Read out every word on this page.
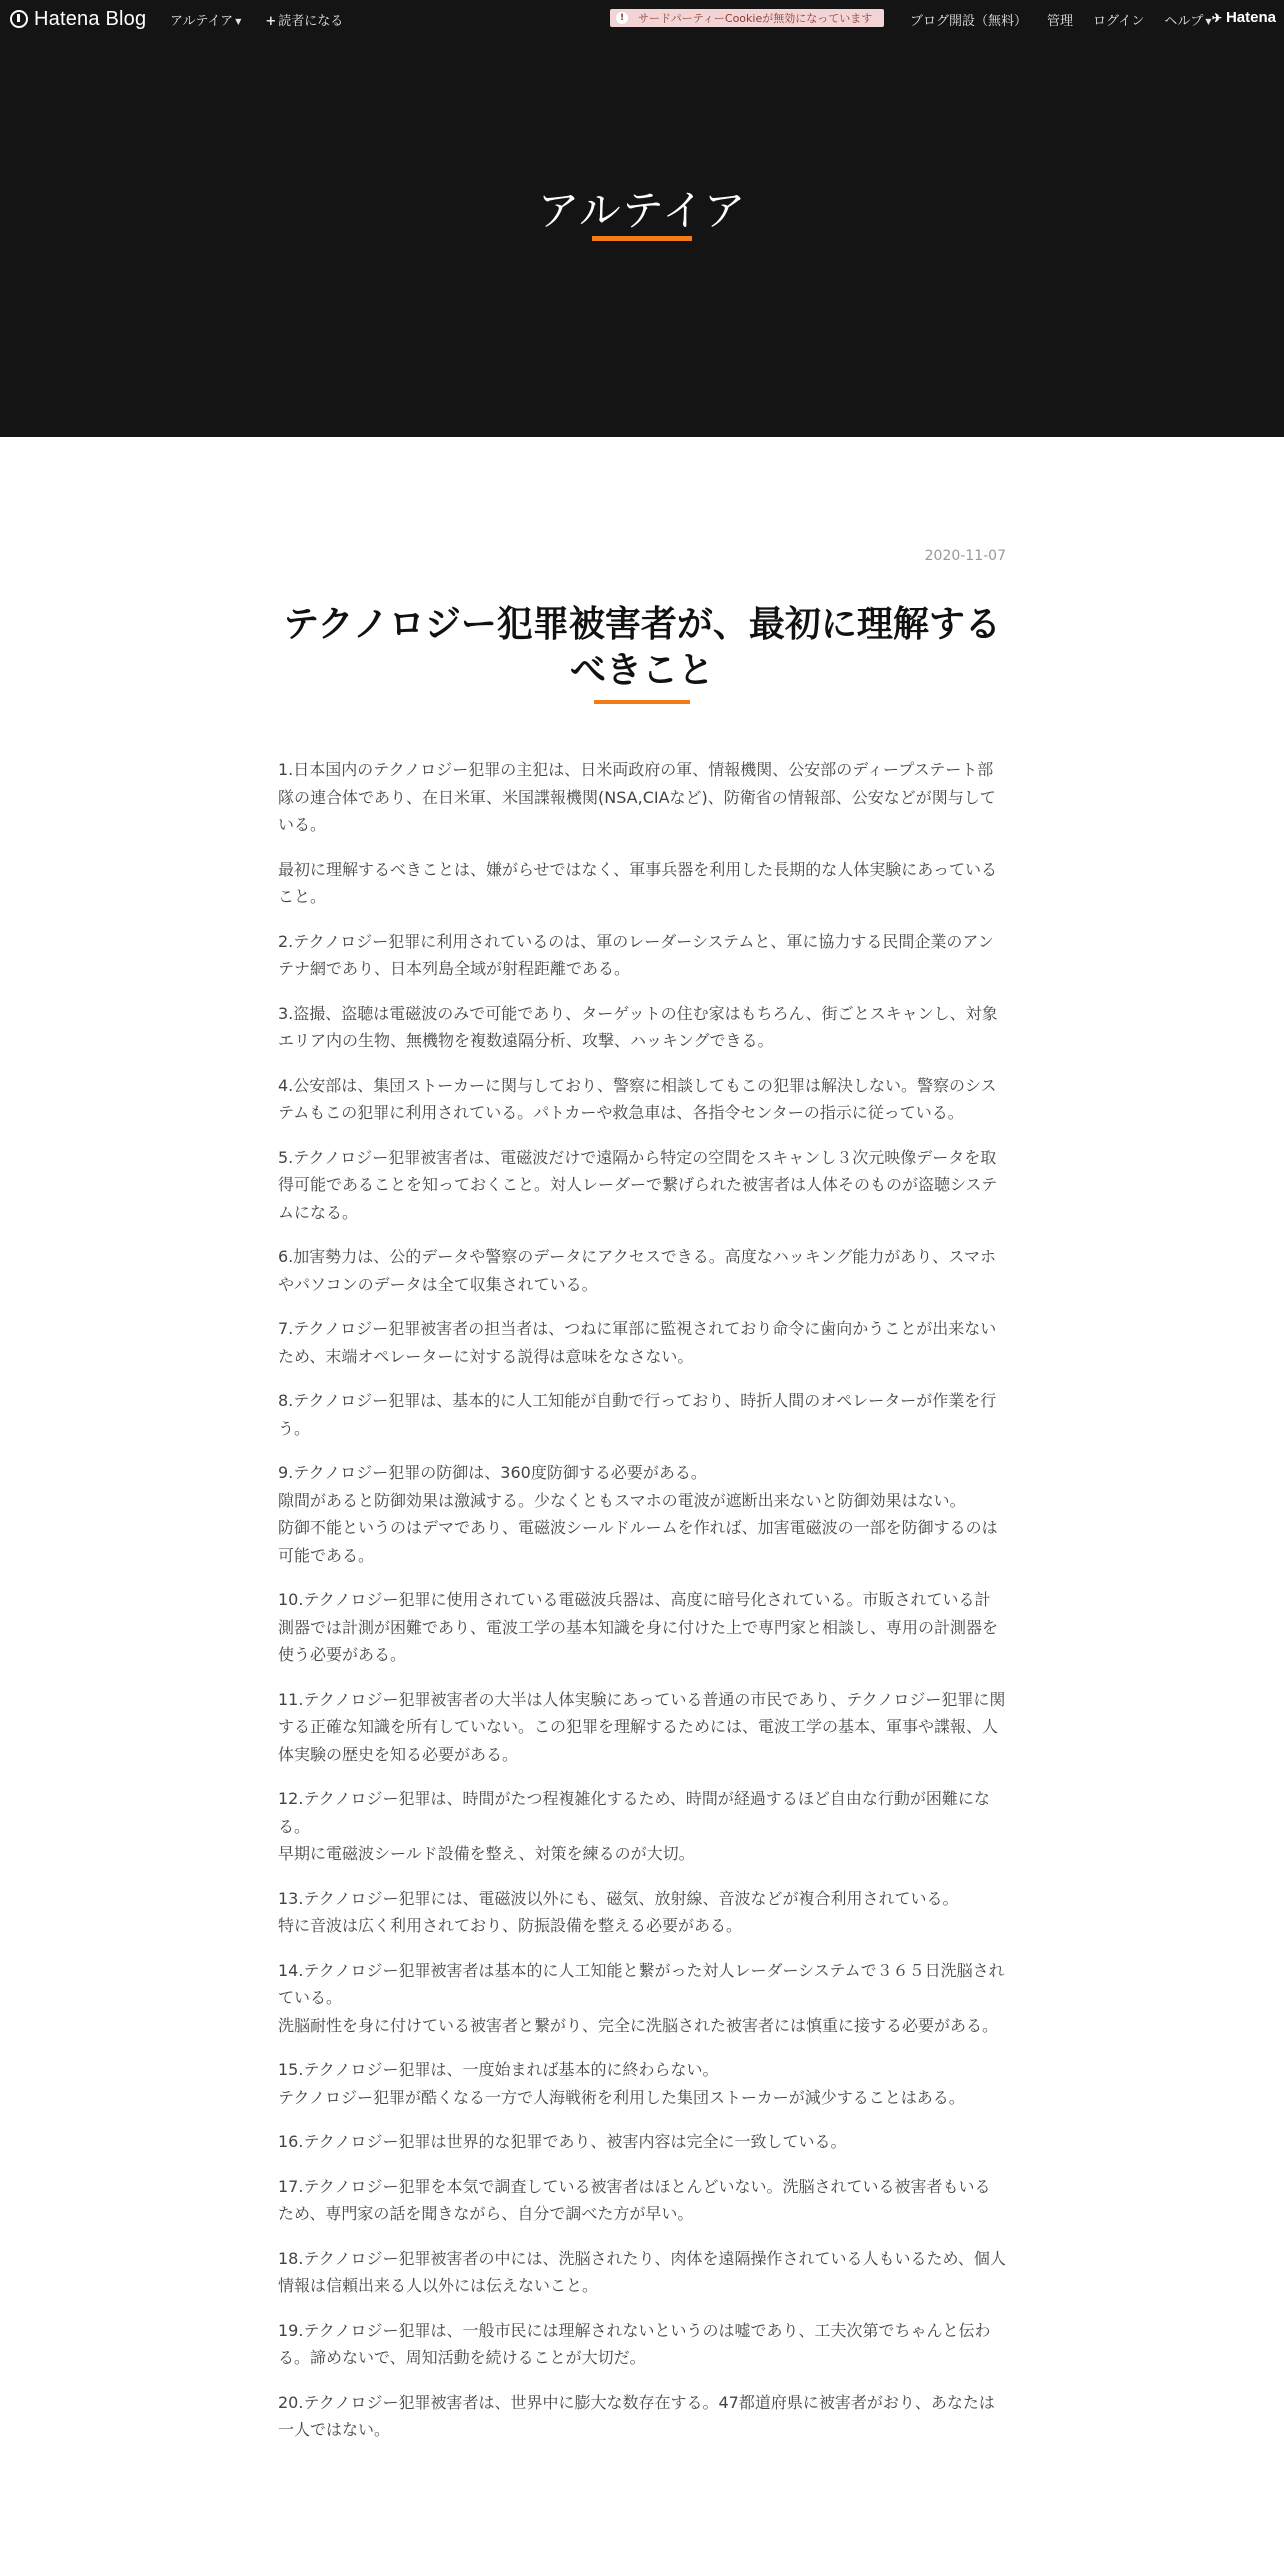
Hatena Blog アルテイア ▼ + 読者になる	!	サードパーティーCookieが無効になっています	ブログ開設（無料） 管理 ログイン ヘルプ ▼ ✈ Hatena
アルテイア
2020-11-07
テクノロジー犯罪被害者が、最初に理解するべきこと

1.日本国内のテクノロジー犯罪の主犯は、日米両政府の軍、情報機関、公安部のディープステート部隊の連合体であり、在日米軍、米国諜報機関(NSA,CIAなど)、防衛省の情報部、公安などが関与している。

最初に理解するべきことは、嫌がらせではなく、軍事兵器を利用した長期的な人体実験にあっていること。

2.テクノロジー犯罪に利用されているのは、軍のレーダーシステムと、軍に協力する民間企業のアンテナ網であり、日本列島全域が射程距離である。

3.盗撮、盗聴は電磁波のみで可能であり、ターゲットの住む家はもちろん、街ごとスキャンし、対象エリア内の生物、無機物を複数遠隔分析、攻撃、ハッキングできる。

4.公安部は、集団ストーカーに関与しており、警察に相談してもこの犯罪は解決しない。警察のシステムもこの犯罪に利用されている。パトカーや救急車は、各指令センターの指示に従っている。

5.テクノロジー犯罪被害者は、電磁波だけで遠隔から特定の空間をスキャンし３次元映像データを取得可能であることを知っておくこと。対人レーダーで繋げられた被害者は人体そのものが盗聴システムになる。

6.加害勢力は、公的データや警察のデータにアクセスできる。高度なハッキング能力があり、スマホやパソコンのデータは全て収集されている。

7.テクノロジー犯罪被害者の担当者は、つねに軍部に監視されており命令に歯向かうことが出来ないため、末端オペレーターに対する説得は意味をなさない。

8.テクノロジー犯罪は、基本的に人工知能が自動で行っており、時折人間のオペレーターが作業を行う。

9.テクノロジー犯罪の防御は、360度防御する必要がある。
隙間があると防御効果は激減する。少なくともスマホの電波が遮断出来ないと防御効果はない。
防御不能というのはデマであり、電磁波シールドルームを作れば、加害電磁波の一部を防御するのは可能である。

10.テクノロジー犯罪に使用されている電磁波兵器は、高度に暗号化されている。市販されている計測器では計測が困難であり、電波工学の基本知識を身に付けた上で専門家と相談し、専用の計測器を使う必要がある。

11.テクノロジー犯罪被害者の大半は人体実験にあっている普通の市民であり、テクノロジー犯罪に関する正確な知識を所有していない。この犯罪を理解するためには、電波工学の基本、軍事や諜報、人体実験の歴史を知る必要がある。

12.テクノロジー犯罪は、時間がたつ程複雑化するため、時間が経過するほど自由な行動が困難になる。
早期に電磁波シールド設備を整え、対策を練るのが大切。

13.テクノロジー犯罪には、電磁波以外にも、磁気、放射線、音波などが複合利用されている。
特に音波は広く利用されており、防振設備を整える必要がある。

14.テクノロジー犯罪被害者は基本的に人工知能と繋がった対人レーダーシステムで３６５日洗脳されている。
洗脳耐性を身に付けている被害者と繋がり、完全に洗脳された被害者には慎重に接する必要がある。

15.テクノロジー犯罪は、一度始まれば基本的に終わらない。
テクノロジー犯罪が酷くなる一方で人海戦術を利用した集団ストーカーが減少することはある。

16.テクノロジー犯罪は世界的な犯罪であり、被害内容は完全に一致している。

17.テクノロジー犯罪を本気で調査している被害者はほとんどいない。洗脳されている被害者もいるため、専門家の話を聞きながら、自分で調べた方が早い。

18.テクノロジー犯罪被害者の中には、洗脳されたり、肉体を遠隔操作されている人もいるため、個人情報は信頼出来る人以外には伝えないこと。

19.テクノロジー犯罪は、一般市民には理解されないというのは嘘であり、工夫次第でちゃんと伝わる。諦めないで、周知活動を続けることが大切だ。

20.テクノロジー犯罪被害者は、世界中に膨大な数存在する。47都道府県に被害者がおり、あなたは一人ではない。
